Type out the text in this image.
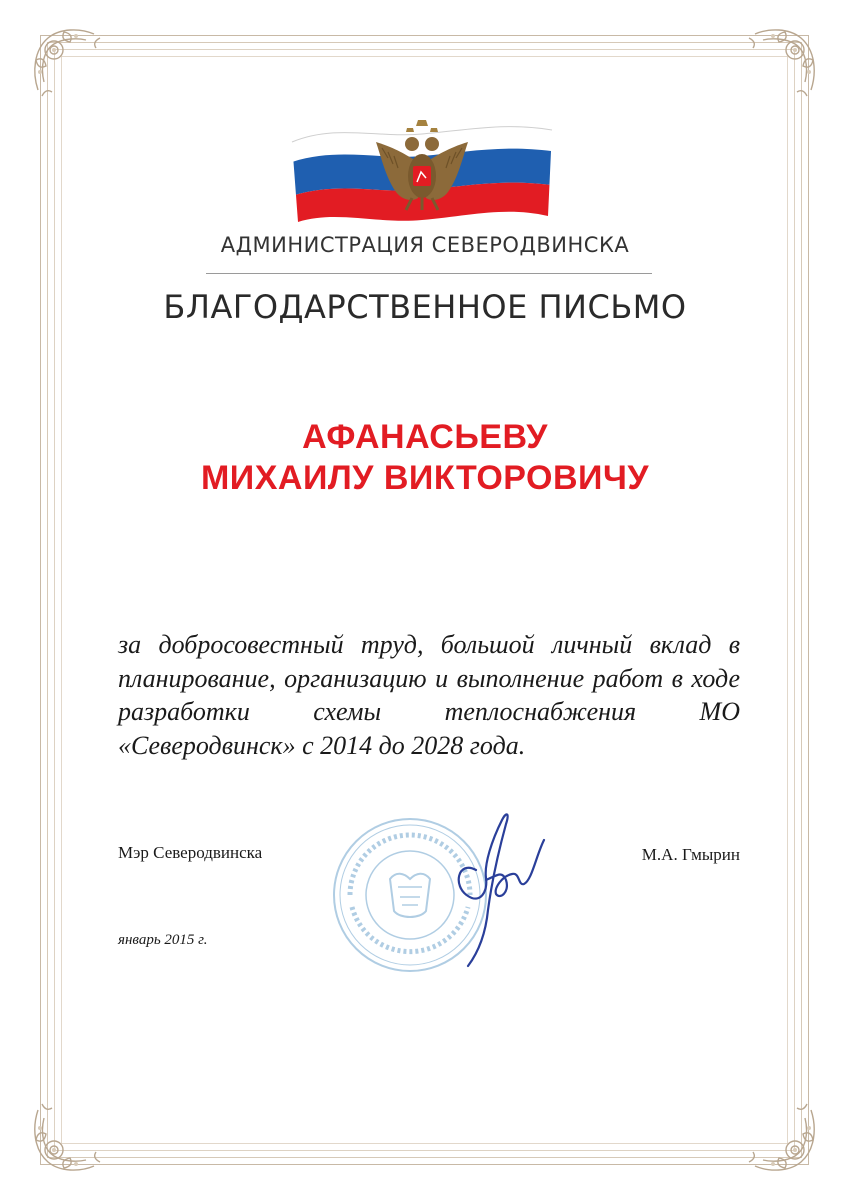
АДМИНИСТРАЦИЯ СЕВЕРОДВИНСКА
БЛАГОДАРСТВЕННОЕ ПИСЬМО
АФАНАСЬЕВУ
МИХАИЛУ ВИКТОРОВИЧУ
за добросовестный труд, большой личный вклад в планирование, организацию и выполнение работ в ходе разработки схемы теплоснабжения МО «Северодвинск» с 2014 до 2028 года.
Мэр Северодвинска	М.А. Гмырин
январь 2015 г.
